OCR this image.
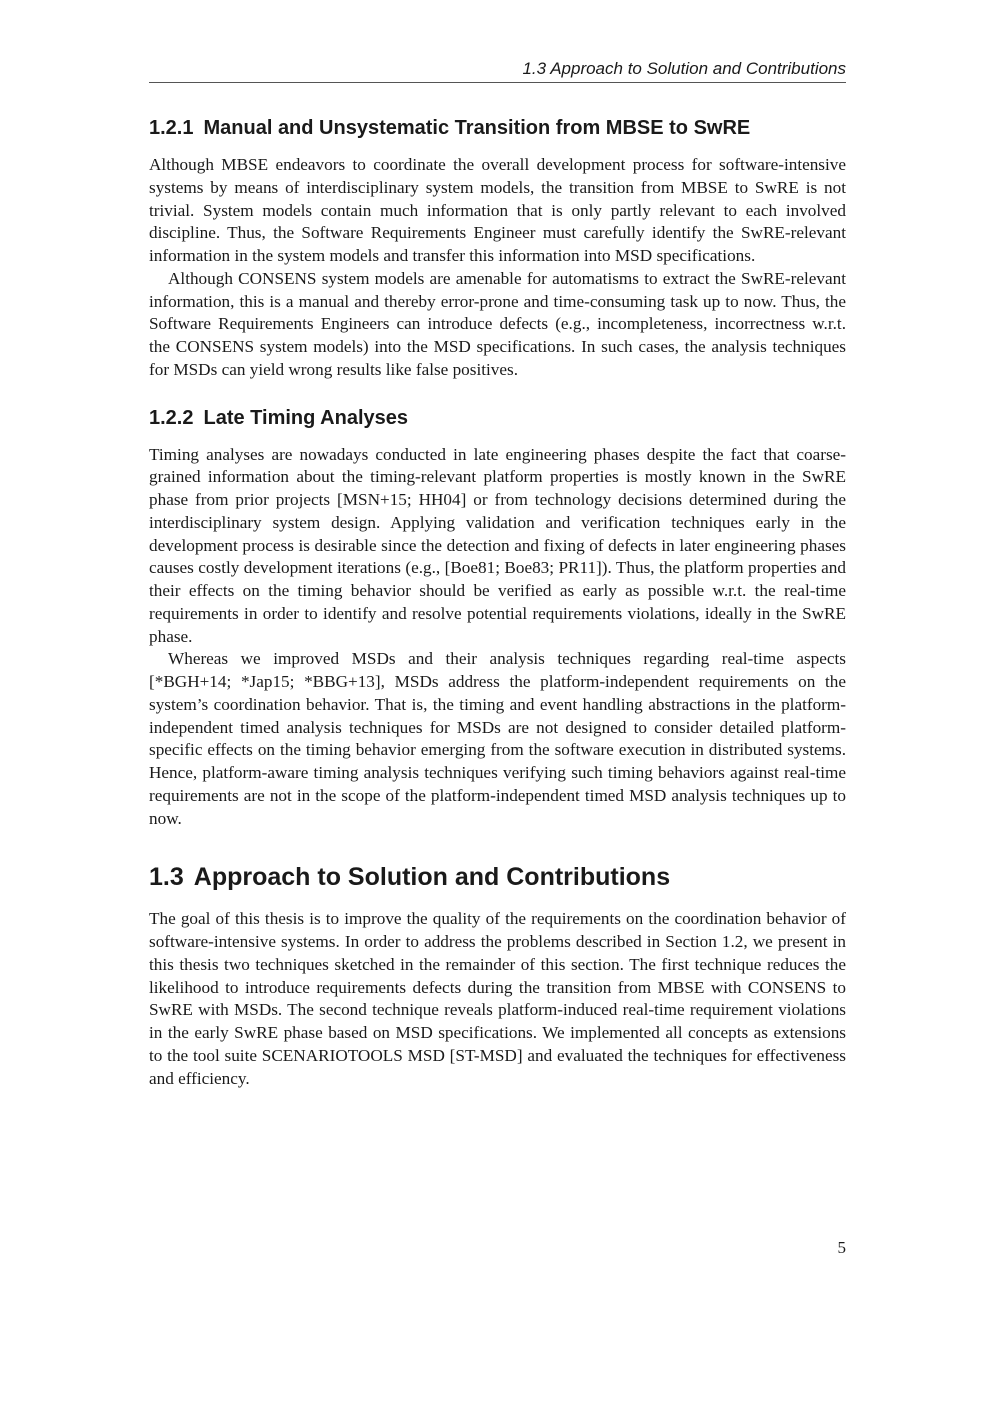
1.3 Approach to Solution and Contributions
1.2.1 Manual and Unsystematic Transition from MBSE to SwRE

Although MBSE endeavors to coordinate the overall development process for software-intensive systems by means of interdisciplinary system models, the transition from MBSE to SwRE is not trivial. System models contain much information that is only partly relevant to each involved discipline. Thus, the Software Requirements Engineer must carefully identify the SwRE-relevant information in the system models and transfer this information into MSD specifications.

Although CONSENS system models are amenable for automatisms to extract the SwRE-relevant information, this is a manual and thereby error-prone and time-consuming task up to now. Thus, the Software Requirements Engineers can introduce defects (e.g., incompleteness, incorrectness w.r.t. the CONSENS system models) into the MSD specifications. In such cases, the analysis techniques for MSDs can yield wrong results like false positives.

1.2.2 Late Timing Analyses

Timing analyses are nowadays conducted in late engineering phases despite the fact that coarse-grained information about the timing-relevant platform properties is mostly known in the SwRE phase from prior projects [MSN+15; HH04] or from technology decisions determined during the interdisciplinary system design. Applying validation and verification techniques early in the development process is desirable since the detection and fixing of defects in later engineering phases causes costly development iterations (e.g., [Boe81; Boe83; PR11]). Thus, the platform properties and their effects on the timing behavior should be verified as early as possible w.r.t. the real-time requirements in order to identify and resolve potential requirements violations, ideally in the SwRE phase.

Whereas we improved MSDs and their analysis techniques regarding real-time aspects [*BGH+14; *Jap15; *BBG+13], MSDs address the platform-independent requirements on the system’s coordination behavior. That is, the timing and event handling abstractions in the platform-independent timed analysis techniques for MSDs are not designed to consider detailed platform-specific effects on the timing behavior emerging from the software execution in distributed systems. Hence, platform-aware timing analysis techniques verifying such timing behaviors against real-time requirements are not in the scope of the platform-independent timed MSD analysis techniques up to now.

1.3 Approach to Solution and Contributions

The goal of this thesis is to improve the quality of the requirements on the coordination behavior of software-intensive systems. In order to address the problems described in Section 1.2, we present in this thesis two techniques sketched in the remainder of this section. The first technique reduces the likelihood to introduce requirements defects during the transition from MBSE with CONSENS to SwRE with MSDs. The second technique reveals platform-induced real-time requirement violations in the early SwRE phase based on MSD specifications. We implemented all concepts as extensions to the tool suite SCENARIOTOOLS MSD [ST-MSD] and evaluated the techniques for effectiveness and efficiency.

5
